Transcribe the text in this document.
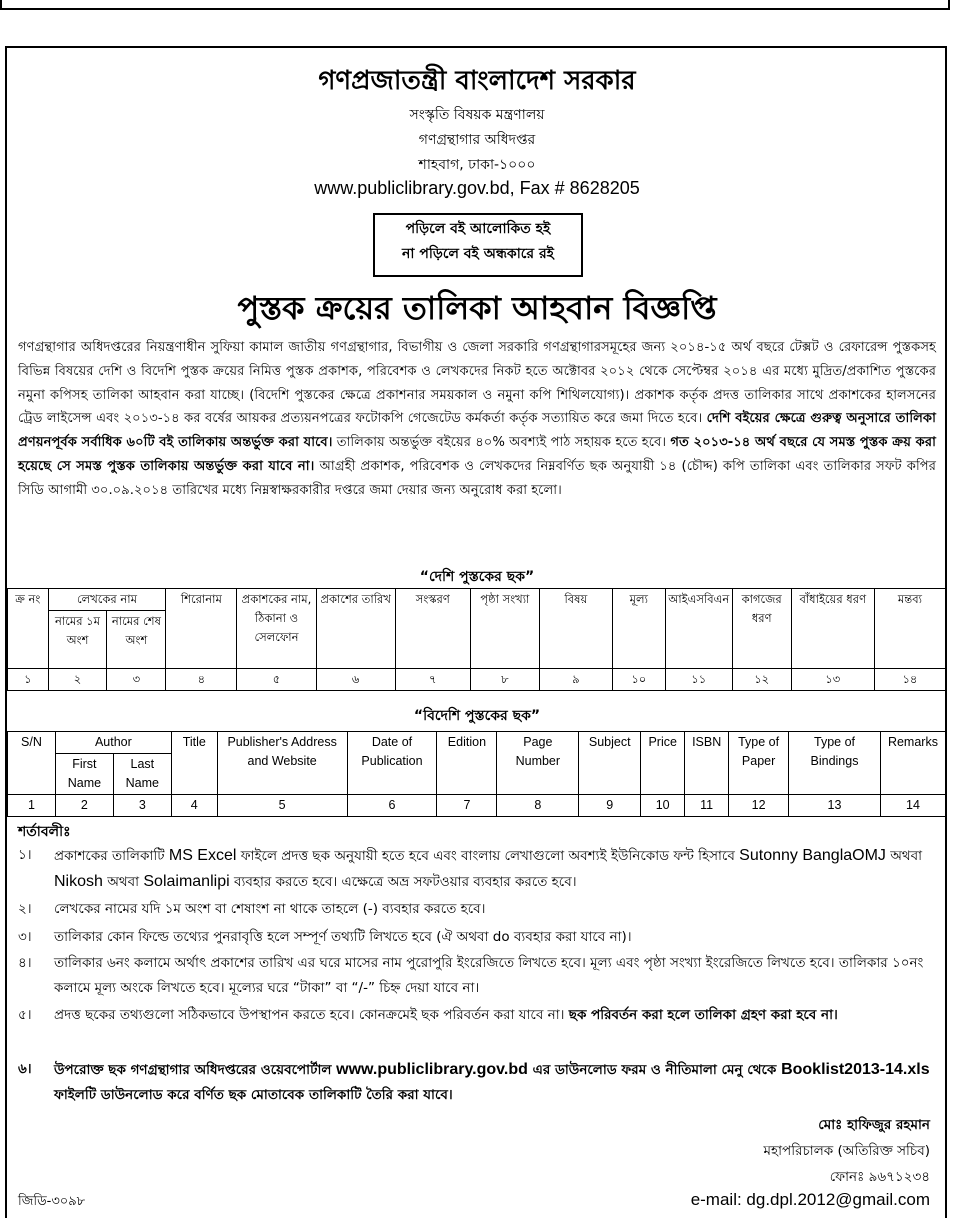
গণপ্রজাতন্ত্রী বাংলাদেশ সরকার
সংস্কৃতি বিষয়ক মন্ত্রণালয়
গণগ্রন্থাগার অধিদপ্তর
শাহবাগ, ঢাকা-১০০০
www.publiclibrary.gov.bd, Fax # 8628205
পড়িলে বই আলোকিত হই
না পড়িলে বই অন্ধকারে রই
পুস্তক ক্রয়ের তালিকা আহবান বিজ্ঞপ্তি
গণগ্রন্থাগার অধিদপ্তরের নিয়ন্ত্রণাধীন সুফিয়া কামাল জাতীয় গণগ্রন্থাগার, বিভাগীয় ও জেলা সরকারি গণগ্রন্থাগারসমূহের জন্য ২০১৪-১৫ অর্থ বছরে টেক্সট ও রেফারেন্স পুস্তকসহ বিভিন্ন বিষয়ের দেশি ও বিদেশি পুস্তক ক্রয়ের নিমিত্ত পুস্তক প্রকাশক, পরিবেশক ও লেখকদের নিকট হতে অক্টোবর ২০১২ থেকে সেপ্টেম্বর ২০১৪ এর মধ্যে মুদ্রিত/প্রকাশিত পুস্তকের নমুনা কপিসহ তালিকা আহবান করা যাচ্ছে। (বিদেশি পুস্তকের ক্ষেত্রে প্রকাশনার সময়কাল ও নমুনা কপি শিথিলযোগ্য)। প্রকাশক কর্তৃক প্রদত্ত তালিকার সাথে প্রকাশকের হালসনের ট্রেড লাইসেন্স এবং ২০১৩-১৪ কর বর্ষের আয়কর প্রত্যয়নপত্রের ফটোকপি গেজেটেড কর্মকর্তা কর্তৃক সত্যায়িত করে জমা দিতে হবে। দেশি বইয়ের ক্ষেত্রে গুরুত্ব অনুসারে তালিকা প্রণয়নপূর্বক সর্বাধিক ৬০টি বই তালিকায় অন্তর্ভুক্ত করা যাবে। তালিকায় অন্তর্ভুক্ত বইয়ের ৪০% অবশ্যই পাঠ সহায়ক হতে হবে। গত ২০১৩-১৪ অর্থ বছরে যে সমস্ত পুস্তক ক্রয় করা হয়েছে সে সমস্ত পুস্তক তালিকায় অন্তর্ভুক্ত করা যাবে না। আগ্রহী প্রকাশক, পরিবেশক ও লেখকদের নিম্নবর্ণিত ছক অনুযায়ী ১৪ (চৌদ্দ) কপি তালিকা এবং তালিকার সফট কপির সিডি আগামী ৩০.০৯.২০১৪ তারিখের মধ্যে নিম্নস্বাক্ষরকারীর দপ্তরে জমা দেয়ার জন্য অনুরোধ করা হলো।
“দেশি পুস্তকের ছক”
ক্র নং	লেখকের নাম		শিরোনাম	প্রকাশকের নাম, ঠিকানা ও সেলফোন	প্রকাশের তারিখ	সংস্করণ	পৃষ্ঠা সংখ্যা	বিষয়	মূল্য	আইএসবিএন	কাগজের ধরণ	বাঁধাইয়ের ধরণ	মন্তব্য
	নামের ১ম অংশ	নামের শেষ অংশ											
১	২	৩	৪	৫	৬	৭	৮	৯	১০	১১	১২	১৩	১৪
“বিদেশি পুস্তকের ছক”
S/N	Author		Title	Publisher's Address and Website	Date of Publication	Edition	Page Number	Subject	Price	ISBN	Type of Paper	Type of Bindings	Remarks
	First Name	Last Name											
1	2	3	4	5	6	7	8	9	10	11	12	13	14
শর্তাবলীঃ
১। প্রকাশকের তালিকাটি MS Excel ফাইলে প্রদত্ত ছক অনুযায়ী হতে হবে এবং বাংলায় লেখাগুলো অবশ্যই ইউনিকোড ফন্ট হিসাবে Sutonny BanglaOMJ অথবা Nikosh অথবা Solaimanlipi ব্যবহার করতে হবে। এক্ষেত্রে অভ্র সফটওয়ার ব্যবহার করতে হবে।
২। লেখকের নামের যদি ১ম অংশ বা শেষাংশ না থাকে তাহলে (-) ব্যবহার করতে হবে।
৩। তালিকার কোন ফিল্ডে তথ্যের পুনরাবৃত্তি হলে সম্পূর্ণ তথ্যটি লিখতে হবে (ঐ অথবা do ব্যবহার করা যাবে না)।
৪। তালিকার ৬নং কলামে অর্থাৎ প্রকাশের তারিখ এর ঘরে মাসের নাম পুরোপুরি ইংরেজিতে লিখতে হবে। মূল্য এবং পৃষ্ঠা সংখ্যা ইংরেজিতে লিখতে হবে। তালিকার ১০নং কলামে মূল্য অংকে লিখতে হবে। মূল্যের ঘরে “টাকা” বা “/-” চিহ্ন দেয়া যাবে না।
৫। প্রদত্ত ছকের তথ্যগুলো সঠিকভাবে উপস্থাপন করতে হবে। কোনক্রমেই ছক পরিবর্তন করা যাবে না। ছক পরিবর্তন করা হলে তালিকা গ্রহণ করা হবে না।
৬। উপরোক্ত ছক গণগ্রন্থাগার অধিদপ্তরের ওয়েবপোর্টাল www.publiclibrary.gov.bd এর ডাউনলোড ফরম ও নীতিমালা মেনু থেকে Booklist2013-14.xls ফাইলটি ডাউনলোড করে বর্ণিত ছক মোতাবেক তালিকাটি তৈরি করা যাবে।
মোঃ হাফিজুর রহমান
মহাপরিচালক (অতিরিক্ত সচিব)
ফোনঃ ৯৬৭১২৩৪
e-mail: dg.dpl.2012@gmail.com
জিডি-৩০৯৮
